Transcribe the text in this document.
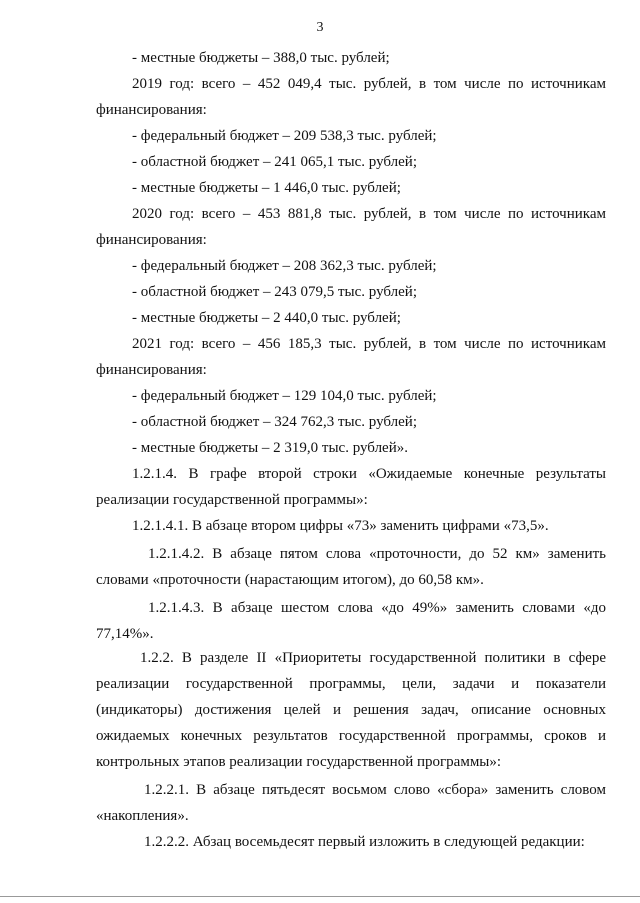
3

- местные бюджеты – 388,0 тыс. рублей;

2019 год: всего – 452 049,4 тыс. рублей, в том числе по источникам финансирования:

- федеральный бюджет – 209 538,3 тыс. рублей;

- областной бюджет – 241 065,1 тыс. рублей;

- местные бюджеты – 1 446,0 тыс. рублей;

2020 год: всего – 453 881,8 тыс. рублей, в том числе по источникам финансирования:

- федеральный бюджет – 208 362,3 тыс. рублей;

- областной бюджет – 243 079,5 тыс. рублей;

- местные бюджеты – 2 440,0 тыс. рублей;

2021 год: всего – 456 185,3 тыс. рублей, в том числе по источникам финансирования:

- федеральный бюджет – 129 104,0 тыс. рублей;

- областной бюджет – 324 762,3 тыс. рублей;

- местные бюджеты – 2 319,0 тыс. рублей».

1.2.1.4. В графе второй строки «Ожидаемые конечные результаты реализации государственной программы»:

1.2.1.4.1. В абзаце втором цифры «73» заменить цифрами «73,5».

1.2.1.4.2. В абзаце пятом слова «проточности, до 52 км» заменить словами «проточности (нарастающим итогом), до 60,58 км».

1.2.1.4.3. В абзаце шестом слова «до 49%» заменить словами «до 77,14%».

1.2.2. В разделе II «Приоритеты государственной политики в сфере реализации государственной программы, цели, задачи и показатели (индикаторы) достижения целей и решения задач, описание основных ожидаемых конечных результатов государственной программы, сроков и контрольных этапов реализации государственной программы»:

1.2.2.1. В абзаце пятьдесят восьмом слово «сбора» заменить словом «накопления».

1.2.2.2. Абзац восемьдесят первый изложить в следующей редакции:
